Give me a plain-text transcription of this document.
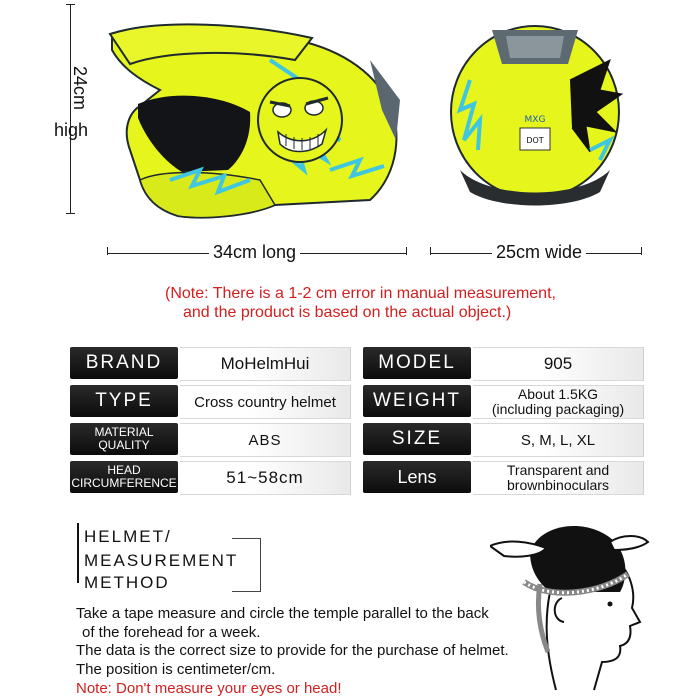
24cm
high	MXG
DOT
34cm long	25cm wide
(Note: There is a 1-2 cm error in manual measurement,
and the product is based on the actual object.)
BRAND	MoHelmHui	MODEL	905
TYPE	Cross country helmet	WEIGHT	About 1.5KG
(including packaging)
MATERIAL
QUALITY	ABS	SIZE	S, M, L, XL
HEAD
CIRCUMFERENCE	51~58cm	Lens	Transparent and
brownbinoculars
HELMET/
MEASUREMENT
METHOD
Take a tape measure and circle the temple parallel to the back
of the forehead for a week.
The data is the correct size to provide for the purchase of helmet.
The position is centimeter/cm.
Note: Don't measure your eyes or head!
